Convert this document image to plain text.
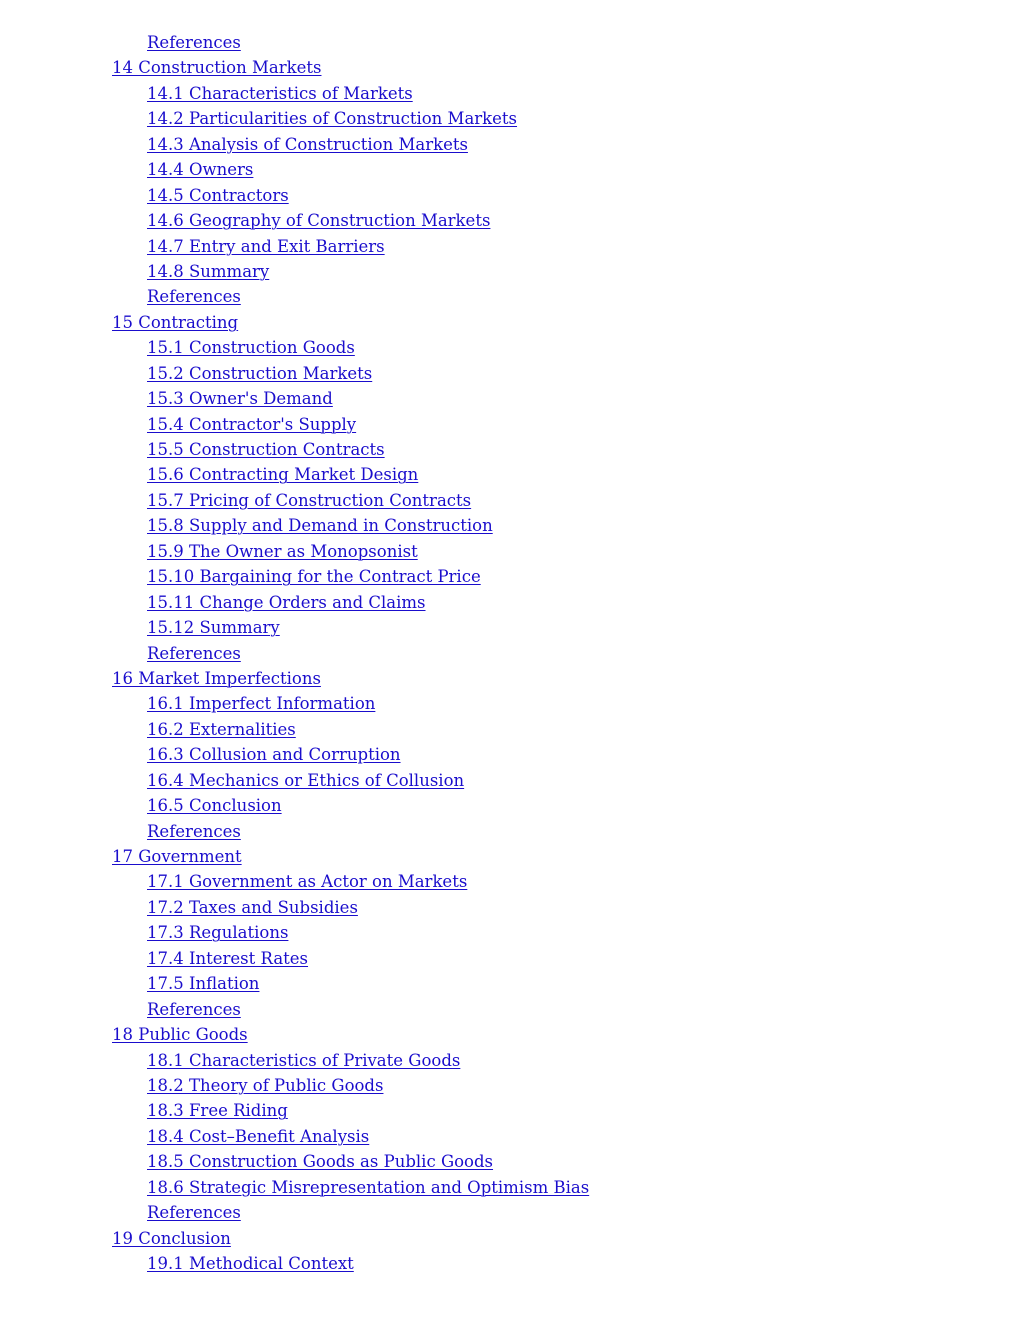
References
14 Construction Markets
14.1 Characteristics of Markets
14.2 Particularities of Construction Markets
14.3 Analysis of Construction Markets
14.4 Owners
14.5 Contractors
14.6 Geography of Construction Markets
14.7 Entry and Exit Barriers
14.8 Summary
References
15 Contracting
15.1 Construction Goods
15.2 Construction Markets
15.3 Owner's Demand
15.4 Contractor's Supply
15.5 Construction Contracts
15.6 Contracting Market Design
15.7 Pricing of Construction Contracts
15.8 Supply and Demand in Construction
15.9 The Owner as Monopsonist
15.10 Bargaining for the Contract Price
15.11 Change Orders and Claims
15.12 Summary
References
16 Market Imperfections
16.1 Imperfect Information
16.2 Externalities
16.3 Collusion and Corruption
16.4 Mechanics or Ethics of Collusion
16.5 Conclusion
References
17 Government
17.1 Government as Actor on Markets
17.2 Taxes and Subsidies
17.3 Regulations
17.4 Interest Rates
17.5 Inflation
References
18 Public Goods
18.1 Characteristics of Private Goods
18.2 Theory of Public Goods
18.3 Free Riding
18.4 Cost–Benefit Analysis
18.5 Construction Goods as Public Goods
18.6 Strategic Misrepresentation and Optimism Bias
References
19 Conclusion
19.1 Methodical Context
